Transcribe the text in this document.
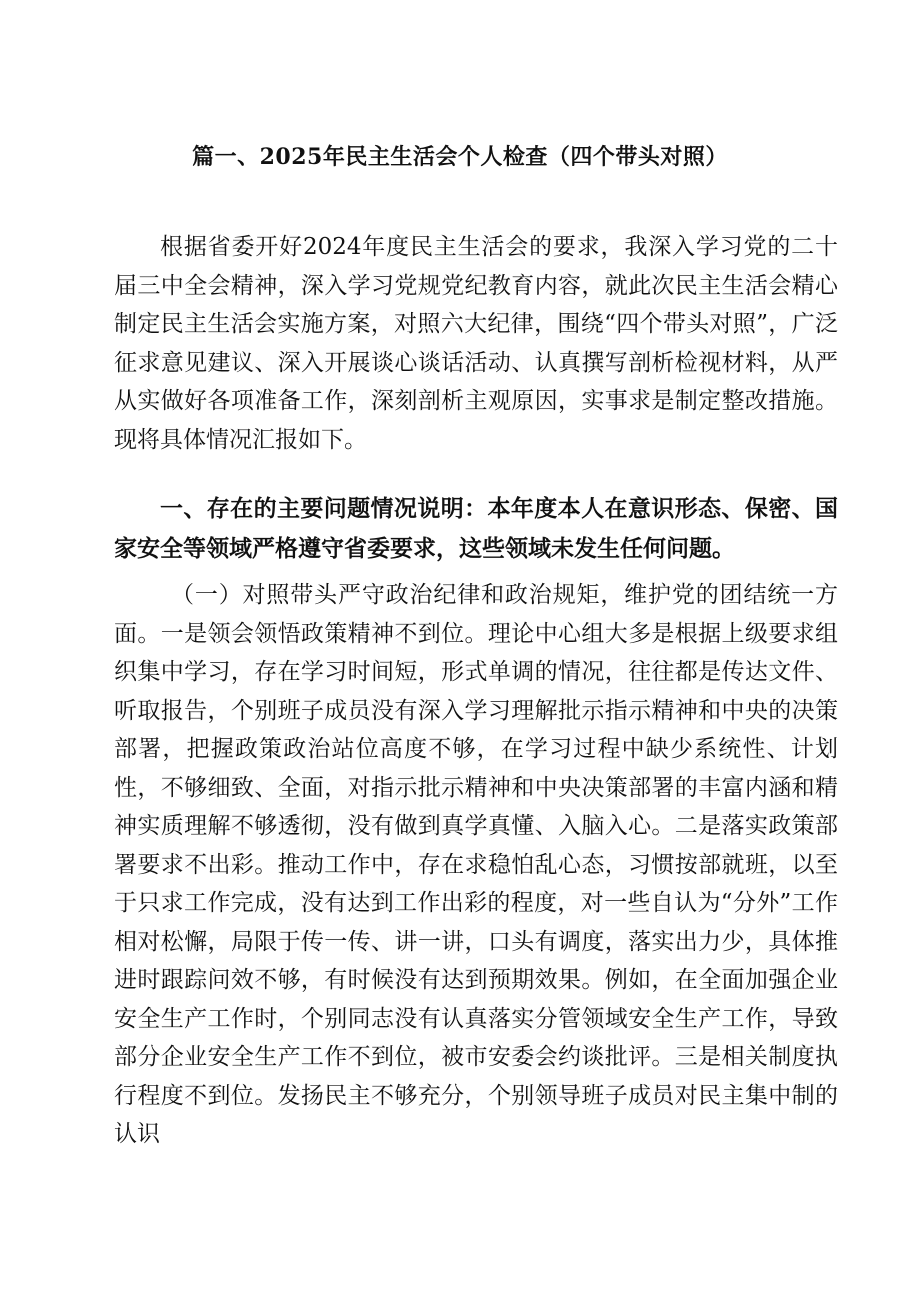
篇一、2025年民主生活会个人检查（四个带头对照）
根据省委开好2024年度民主生活会的要求，我深入学习党的二十届三中全会精神，深入学习党规党纪教育内容，就此次民主生活会精心制定民主生活会实施方案，对照六大纪律，围绕“四个带头对照”，广泛征求意见建议、深入开展谈心谈话活动、认真撰写剖析检视材料，从严从实做好各项准备工作，深刻剖析主观原因，实事求是制定整改措施。现将具体情况汇报如下。
一、存在的主要问题情况说明：本年度本人在意识形态、保密、国家安全等领域严格遵守省委要求，这些领域未发生任何问题。
（一）对照带头严守政治纪律和政治规矩，维护党的团结统一方面。一是领会领悟政策精神不到位。理论中心组大多是根据上级要求组织集中学习，存在学习时间短，形式单调的情况，往往都是传达文件、听取报告，个别班子成员没有深入学习理解批示指示精神和中央的决策部署，把握政策政治站位高度不够，在学习过程中缺少系统性、计划性，不够细致、全面，对指示批示精神和中央决策部署的丰富内涵和精神实质理解不够透彻，没有做到真学真懂、入脑入心。二是落实政策部署要求不出彩。推动工作中，存在求稳怕乱心态，习惯按部就班，以至于只求工作完成，没有达到工作出彩的程度，对一些自认为“分外”工作相对松懈，局限于传一传、讲一讲，口头有调度，落实出力少，具体推进时跟踪问效不够，有时候没有达到预期效果。例如，在全面加强企业安全生产工作时，个别同志没有认真落实分管领域安全生产工作，导致部分企业安全生产工作不到位，被市安委会约谈批评。三是相关制度执行程度不到位。发扬民主不够充分，个别领导班子成员对民主集中制的认识
